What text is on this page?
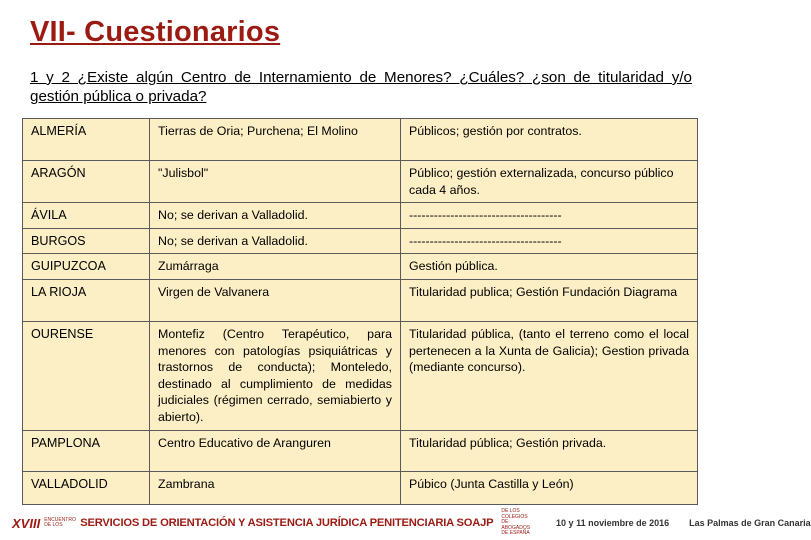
VII- Cuestionarios
1 y 2 ¿Existe algún Centro de Internamiento de Menores? ¿Cuáles? ¿son de titularidad y/o gestión pública o privada?
ALMERÍA	Tierras de Oria; Purchena; El Molino	Públicos; gestión por contratos.
ARAGÓN	"Julisbol"	Público; gestión externalizada, concurso público cada 4 años.
ÁVILA	No; se derivan a Valladolid.	-------------------------------------
BURGOS	No; se derivan a Valladolid.	-------------------------------------
GUIPUZCOA	Zumárraga	Gestión pública.
LA RIOJA	Virgen de Valvanera	Titularidad publica; Gestión Fundación Diagrama
OURENSE	Montefiz (Centro Terapéutico, para menores con patologías psiquiátricas y trastornos de conducta); Monteledo, destinado al cumplimiento de medidas judiciales (régimen cerrado, semiabierto y abierto).	Titularidad pública, (tanto el terreno como el local pertenecen a la Xunta de Galicia); Gestion privada (mediante concurso).
PAMPLONA	Centro Educativo de Aranguren	Titularidad pública; Gestión privada.
VALLADOLID	Zambrana	Púbico (Junta Castilla y León)
XVIII ENCUENTRO DE LOS	SERVICIOS DE ORIENTACIÓN Y ASISTENCIA JURÍDICA PENITENCIARIA SOAJP
DE LOS COLEGIOS DE ABOGADOS DE ESPAÑA
10 y 11 noviembre de 2016 Las Palmas de Gran Canaria
